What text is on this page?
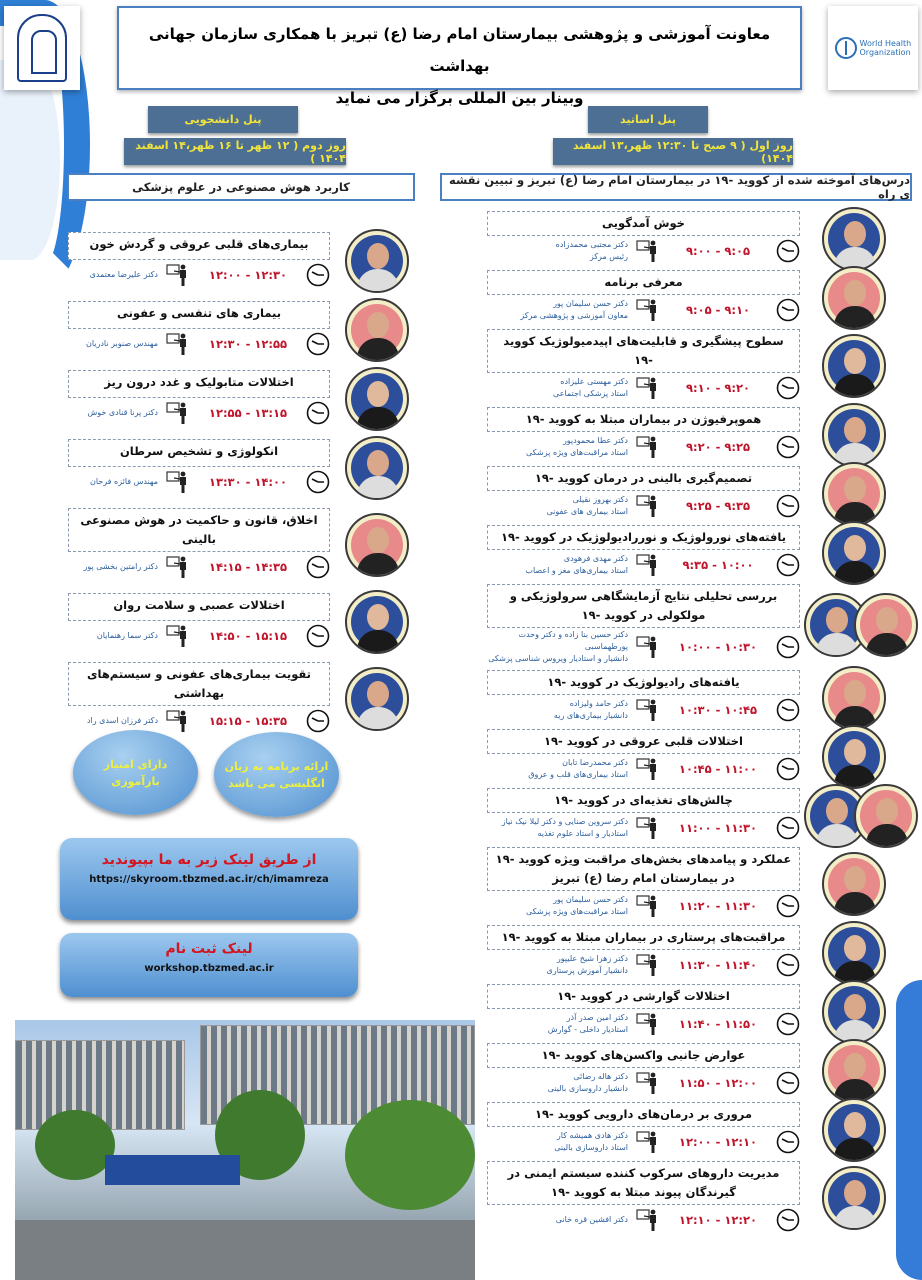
World Health Organization
معاونت آموزشی و پژوهشی بیمارستان امام رضا (ع) تبریز با همکاری سازمان جهانی بهداشت
وبینار بین المللی برگزار می نماید
پنل اساتید
پنل دانشجویی
روز اول ( ۹ صبح تا ۱۲:۳۰ ظهر،۱۳ اسفند ۱۴۰۴)
روز دوم ( ۱۲ ظهر تا ۱۶ ظهر،۱۴ اسفند ۱۴۰۴ )
درس‌های آموخته شده از کووید -۱۹ در بیمارستان امام رضا (ع) تبریز و تبیین نقشه ی راه
کاربرد هوش مصنوعی در علوم پزشکی
خوش آمدگویی
۹:۰۰ - ۹:۰۵
دکتر مجتبی محمدزاده
رئیس مرکز
معرفی برنامه
۹:۰۵ - ۹:۱۰
دکتر حسن سلیمان پور
معاون آموزشی و پژوهشی مرکز
سطوح پیشگیری و قابلیت‌های اپیدمیولوژیک کووید -۱۹
۹:۱۰ - ۹:۲۰
دکتر مهستی علیزاده
استاد پزشکی اجتماعی
هموپرفیوژن در بیماران مبتلا به کووید -۱۹
۹:۲۰ - ۹:۲۵
دکتر عطا محمودپور
استاد مراقبت‌های ویژه پزشکی
تصمیم‌گیری بالینی در درمان کووید -۱۹
۹:۲۵ - ۹:۳۵
دکتر بهروز نقیلی
استاد بیماری های عفونی
یافته‌های نورولوژیک و نوررادیولوژیک در کووید -۱۹
۹:۳۵ - ۱۰:۰۰
دکتر مهدی فرهودی
استاد بیماری‌های مغز و اعصاب
بررسی تحلیلی نتایج آزمایشگاهی سرولوژیکی و مولکولی در کووید -۱۹
۱۰:۰۰ - ۱۰:۳۰
دکتر حسین بنا زاده و دکتر وحدت پورطهماسبی
دانشیار و استادیار ویروس شناسی پزشکی
یافته‌های رادیولوژیک در کووید -۱۹
۱۰:۳۰ - ۱۰:۴۵
دکتر حامد ولیزاده
دانشیار بیماری‌های ریه
اختلالات قلبی عروقی در کووید -۱۹
۱۰:۴۵ - ۱۱:۰۰
دکتر محمدرضا تابان
استاد بیماری‌های قلب و عروق
چالش‌های تغذیه‌ای در کووید -۱۹
۱۱:۰۰ - ۱۱:۳۰
دکتر سروین صنایی و دکتر لیلا نیک نیاز
استادیار و استاد علوم تغذیه
عملکرد و پیامدهای بخش‌های مراقبت ویژه کووید -۱۹ در بیمارستان امام رضا (ع) تبریز
۱۱:۲۰ - ۱۱:۳۰
دکتر حسن سلیمان پور
استاد مراقبت‌های ویژه پزشکی
مراقبت‌های پرستاری در بیماران مبتلا به کووید -۱۹
۱۱:۳۰ - ۱۱:۴۰
دکتر زهرا شیخ علیپور
دانشیار آموزش پرستاری
اختلالات گوارشی در کووید -۱۹
۱۱:۴۰ - ۱۱:۵۰
دکتر امین صدر آذر
استادیار داخلی - گوارش
عوارض جانبی واکسن‌های کووید -۱۹
۱۱:۵۰ - ۱۲:۰۰
دکتر هاله رضائی
دانشیار داروسازی بالینی
مروری بر درمان‌های دارویی کووید -۱۹
۱۲:۰۰ - ۱۲:۱۰
دکتر هادی همیشه کار
استاد داروسازی بالینی
مدیریت داروهای سرکوب کننده سیستم ایمنی در گیرندگان پیوند مبتلا به کووید -۱۹
۱۲:۱۰ - ۱۲:۲۰
دکتر افشین قره خانی
بیماری‌های قلبی عروقی و گردش خون
۱۲:۰۰ - ۱۲:۳۰
دکتر علیرضا معتمدی
بیماری های تنفسی و عفونی
۱۲:۳۰ - ۱۲:۵۵
مهندس صنوبر نادریان
اختلالات متابولیک و غدد درون ریز
۱۲:۵۵ - ۱۳:۱۵
دکتر پرنا قنادی خوش
انکولوژی و تشخیص سرطان
۱۳:۳۰ - ۱۴:۰۰
مهندس فائزه فرحان
اخلاق، قانون و حاکمیت در هوش مصنوعی بالینی
۱۴:۱۵ - ۱۴:۳۵
دکتر رامتین بخشی پور
اختلالات عصبی و سلامت روان
۱۴:۵۰ - ۱۵:۱۵
دکتر سما رهنمایان
تقویت بیماری‌های عفونی و سیستم‌های بهداشتی
۱۵:۱۵ - ۱۵:۳۵
دکتر فرزان اسدی راد
دارای امتیاز بازآموزی
ارائه برنامه به زبان انگلیسی می باشد
از طریق لینک زیر به ما بپیوندید
https://skyroom.tbzmed.ac.ir/ch/imamreza
لینک ثبت نام
workshop.tbzmed.ac.ir
